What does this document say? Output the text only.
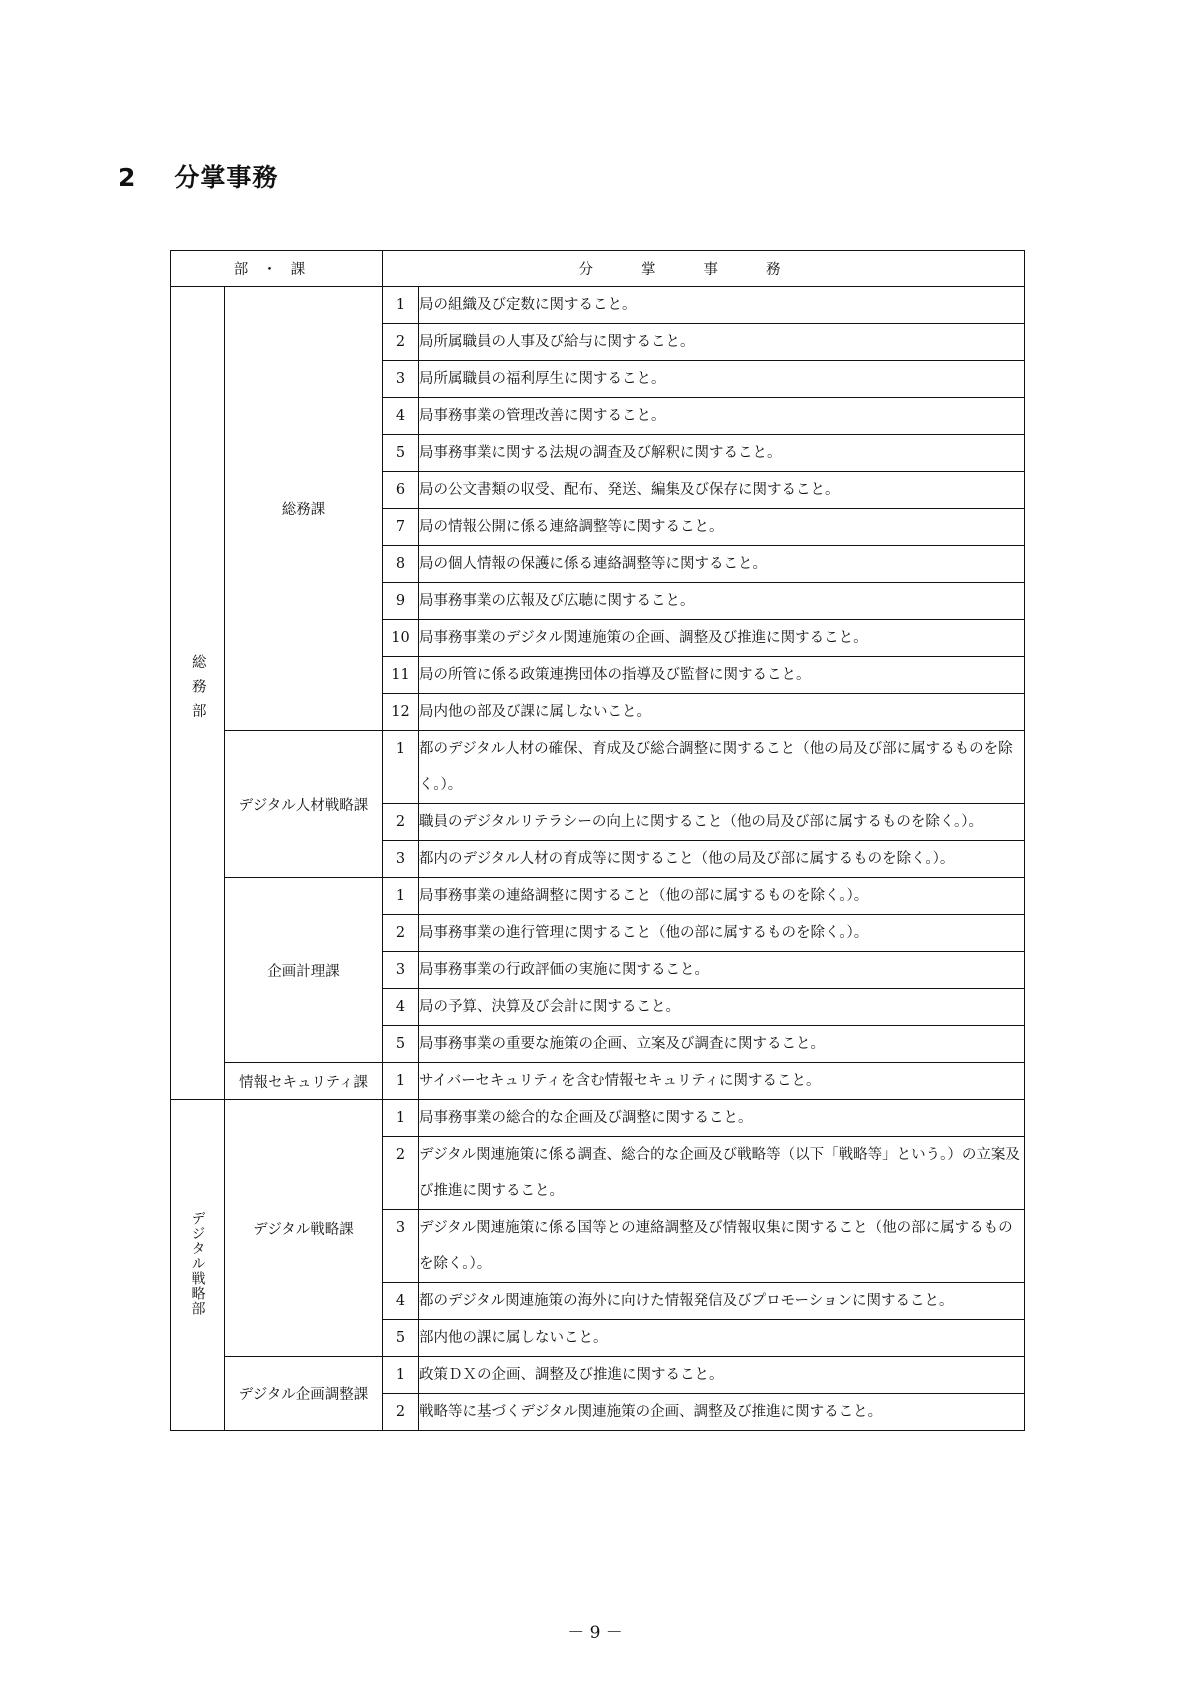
2 分掌事務
部・課		分掌事務	
総務部	総務課	1	局の組織及び定数に関すること。
		2	局所属職員の人事及び給与に関すること。
		3	局所属職員の福利厚生に関すること。
		4	局事務事業の管理改善に関すること。
		5	局事務事業に関する法規の調査及び解釈に関すること。
		6	局の公文書類の収受、配布、発送、編集及び保存に関すること。
		7	局の情報公開に係る連絡調整等に関すること。
		8	局の個人情報の保護に係る連絡調整等に関すること。
		9	局事務事業の広報及び広聴に関すること。
		10	局事務事業のデジタル関連施策の企画、調整及び推進に関すること。
		11	局の所管に係る政策連携団体の指導及び監督に関すること。
		12	局内他の部及び課に属しないこと。
	デジタル人材戦略課	1	都のデジタル人材の確保、育成及び総合調整に関すること（他の局及び部に属するものを除く。）。
		2	職員のデジタルリテラシーの向上に関すること（他の局及び部に属するものを除く。）。
		3	都内のデジタル人材の育成等に関すること（他の局及び部に属するものを除く。）。
	企画計理課	1	局事務事業の連絡調整に関すること（他の部に属するものを除く。）。
		2	局事務事業の進行管理に関すること（他の部に属するものを除く。）。
		3	局事務事業の行政評価の実施に関すること。
		4	局の予算、決算及び会計に関すること。
		5	局事務事業の重要な施策の企画、立案及び調査に関すること。
	情報セキュリティ課	1	サイバーセキュリティを含む情報セキュリティに関すること。
デジタル戦略部	デジタル戦略課	1	局事務事業の総合的な企画及び調整に関すること。
		2	デジタル関連施策に係る調査、総合的な企画及び戦略等（以下「戦略等」という。）の立案及び推進に関すること。
		3	デジタル関連施策に係る国等との連絡調整及び情報収集に関すること（他の部に属するものを除く。）。
		4	都のデジタル関連施策の海外に向けた情報発信及びプロモーションに関すること。
		5	部内他の課に属しないこと。
	デジタル企画調整課	1	政策ＤＸの企画、調整及び推進に関すること。
		2	戦略等に基づくデジタル関連施策の企画、調整及び推進に関すること。
－ 9 －
